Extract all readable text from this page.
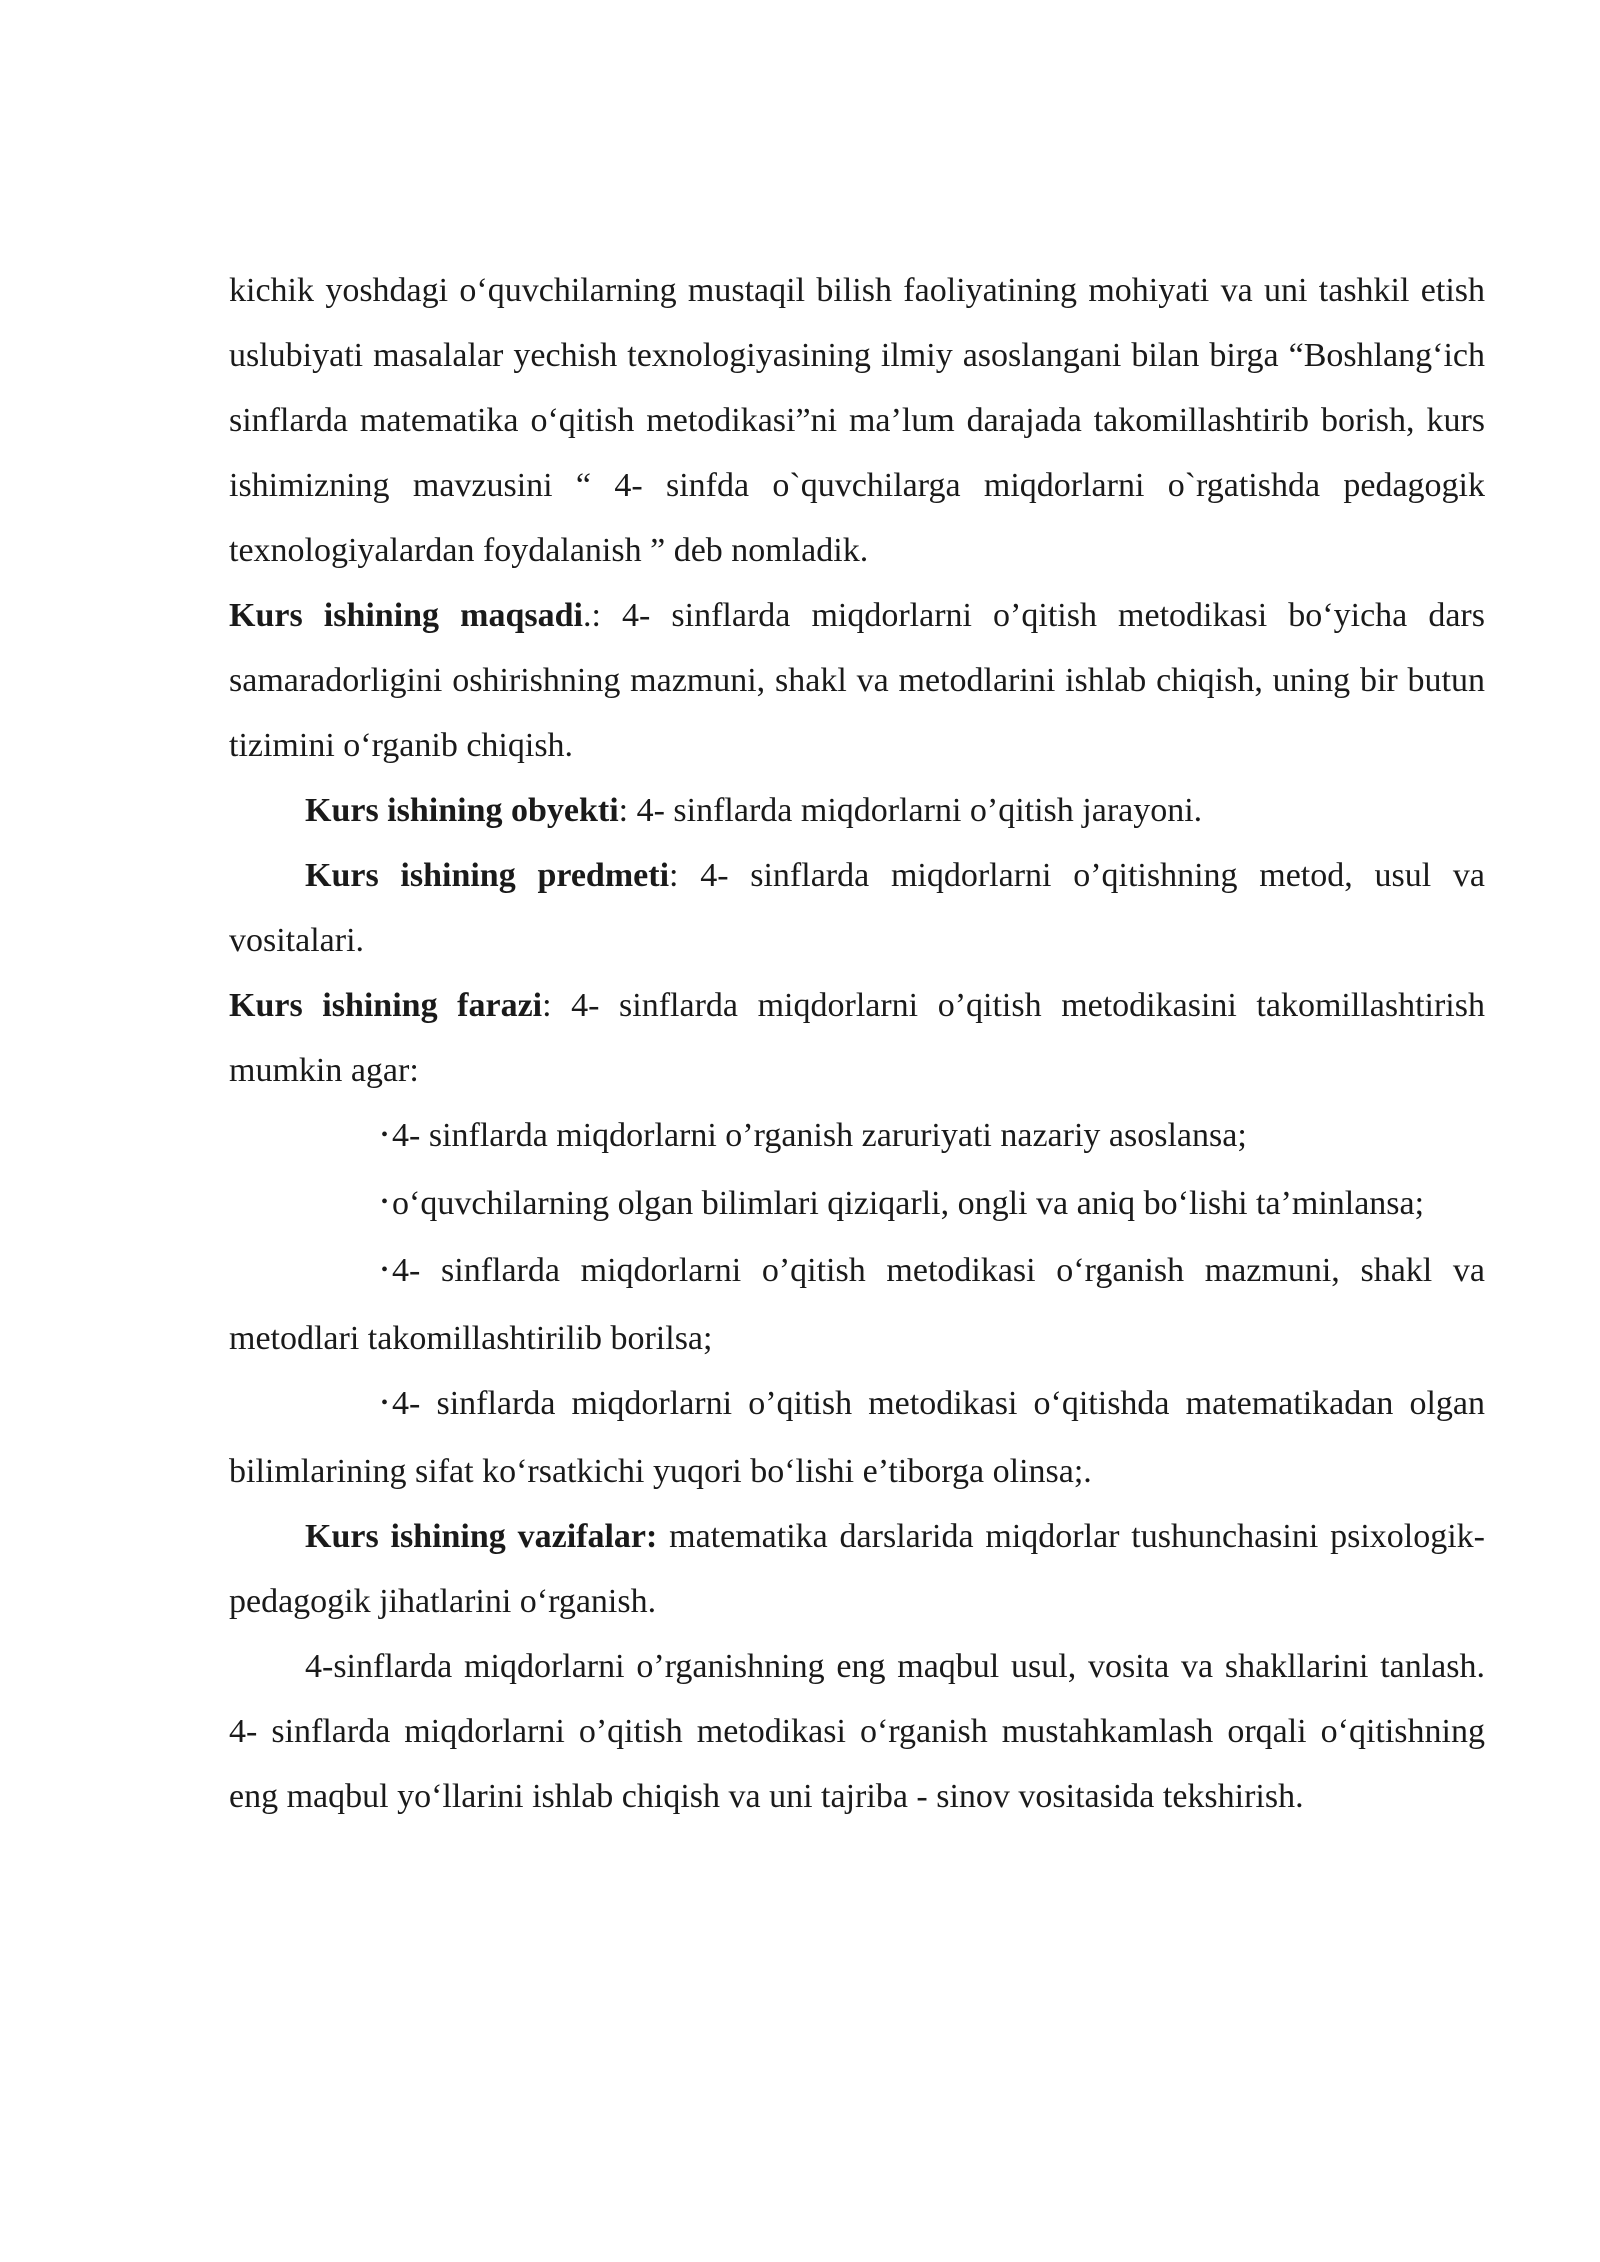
kichik yoshdagi o‘quvchilarning mustaqil bilish faoliyatining mohiyati va uni tashkil etish uslubiyati masalalar yechish texnologiyasining ilmiy asoslangani bilan birga “Boshlang‘ich sinflarda matematika o‘qitish metodikasi”ni ma’lum darajada takomillashtirib borish, kurs ishimizning mavzusini “ 4- sinfda o`quvchilarga miqdorlarni o`rgatishda pedagogik texnologiyalardan foydalanish ” deb nomladik.

Kurs ishining maqsadi.: 4- sinflarda miqdorlarni o’qitish metodikasi bo‘yicha dars samaradorligini oshirishning mazmuni, shakl va metodlarini ishlab chiqish, uning bir butun tizimini o‘rganib chiqish.

Kurs ishining obyekti: 4- sinflarda miqdorlarni o’qitish jarayoni.

Kurs ishining predmeti: 4- sinflarda miqdorlarni o’qitishning metod, usul va vositalari.

Kurs ishining farazi: 4- sinflarda miqdorlarni o’qitish metodikasini takomillashtirish mumkin agar:

• 4- sinflarda miqdorlarni o’rganish zaruriyati nazariy asoslansa;

• o‘quvchilarning olgan bilimlari qiziqarli, ongli va aniq bo‘lishi ta’minlansa;

• 4- sinflarda miqdorlarni o’qitish metodikasi o‘rganish mazmuni, shakl va metodlari takomillashtirilib borilsa;

• 4- sinflarda miqdorlarni o’qitish metodikasi o‘qitishda matematikadan olgan bilimlarining sifat ko‘rsatkichi yuqori bo‘lishi e’tiborga olinsa;.

Kurs ishining vazifalar: matematika darslarida miqdorlar tushunchasini psixologik-pedagogik jihatlarini o‘rganish.

4-sinflarda miqdorlarni o’rganishning eng maqbul usul, vosita va shakllarini tanlash. 4- sinflarda miqdorlarni o’qitish metodikasi o‘rganish mustahkamlash orqali o‘qitishning eng maqbul yo‘llarini ishlab chiqish va uni tajriba - sinov vositasida tekshirish.
